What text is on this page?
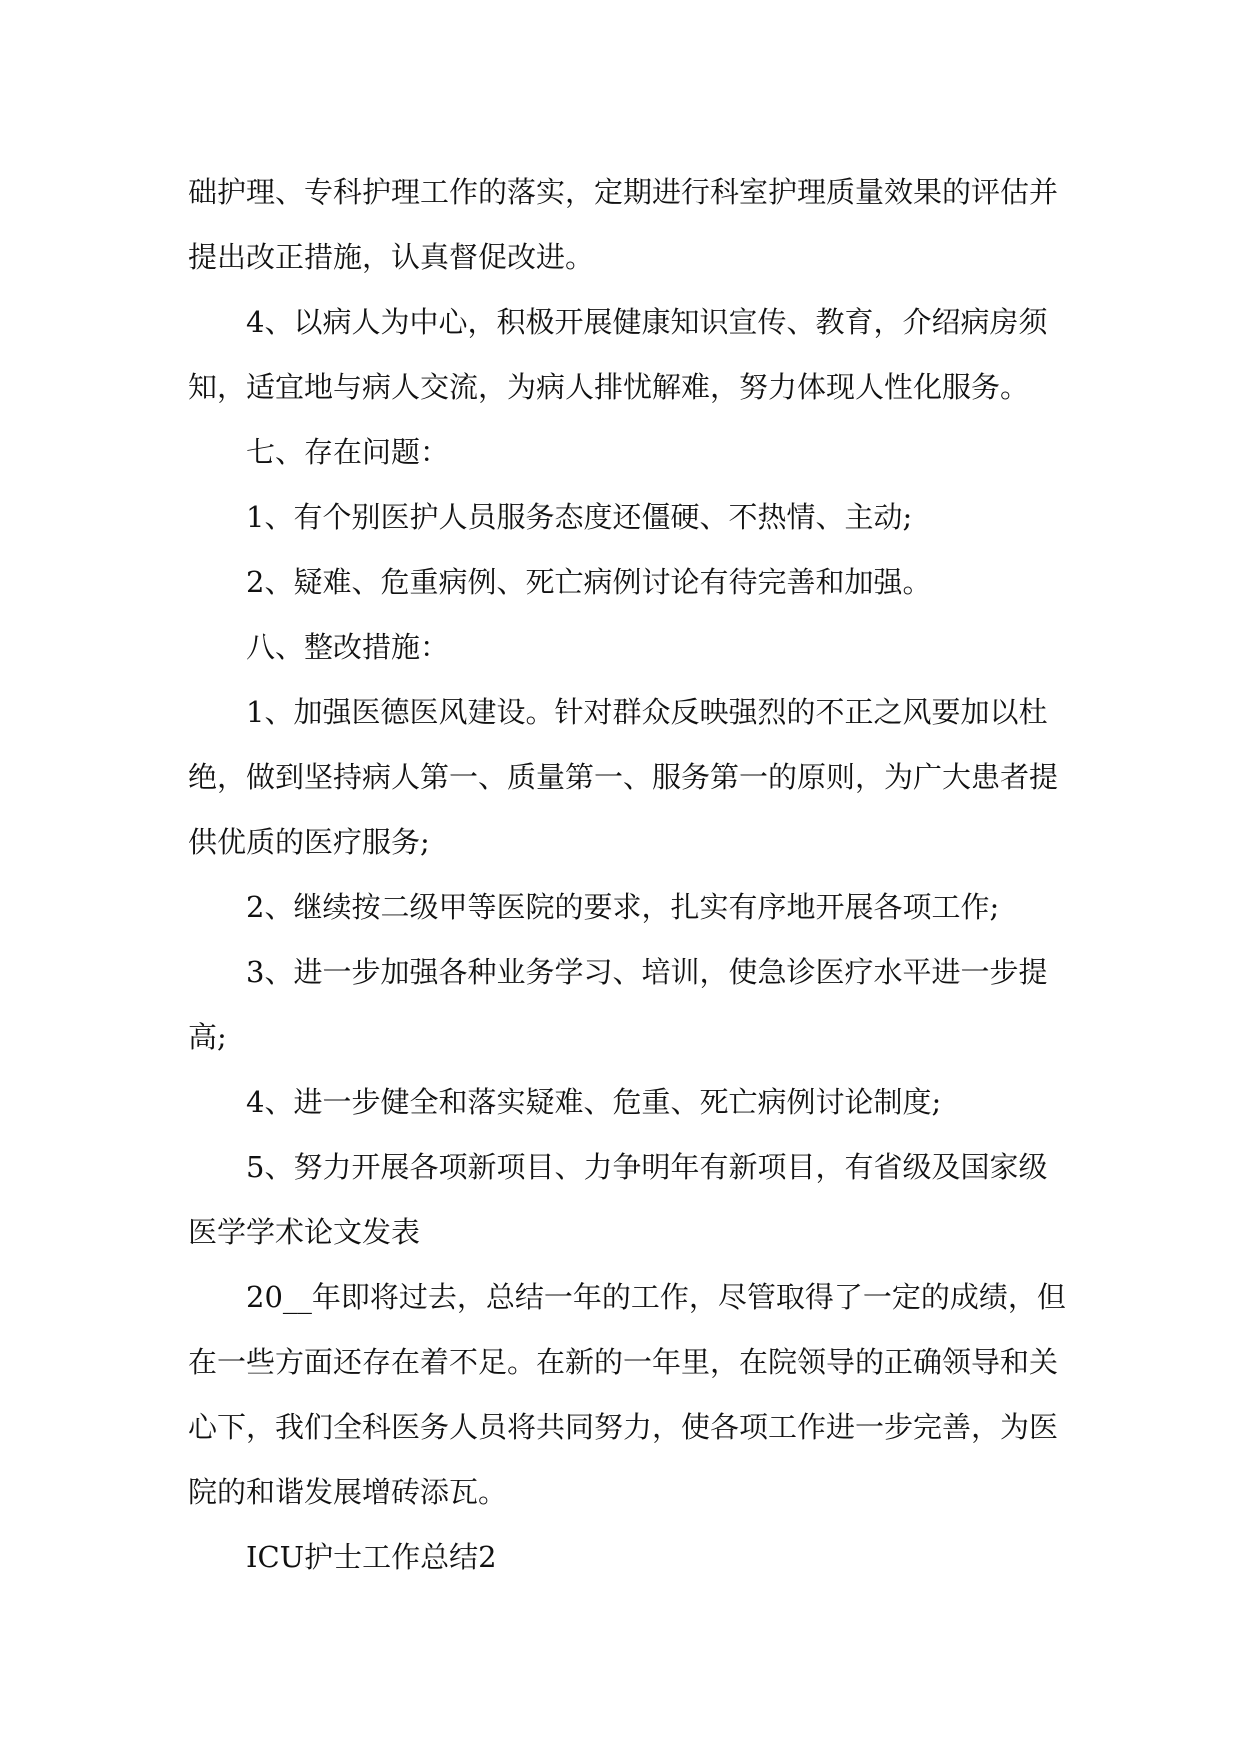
础护理、专科护理工作的落实，定期进行科室护理质量效果的评估并
提出改正措施，认真督促改进。
4、以病人为中心，积极开展健康知识宣传、教育，介绍病房须
知，适宜地与病人交流，为病人排忧解难，努力体现人性化服务。
七、存在问题：
1、有个别医护人员服务态度还僵硬、不热情、主动;
2、疑难、危重病例、死亡病例讨论有待完善和加强。
八、整改措施：
1、加强医德医风建设。针对群众反映强烈的不正之风要加以杜
绝，做到坚持病人第一、质量第一、服务第一的原则，为广大患者提
供优质的医疗服务;
2、继续按二级甲等医院的要求，扎实有序地开展各项工作;
3、进一步加强各种业务学习、培训，使急诊医疗水平进一步提
高;
4、进一步健全和落实疑难、危重、死亡病例讨论制度;
5、努力开展各项新项目、力争明年有新项目，有省级及国家级
医学学术论文发表
20__年即将过去，总结一年的工作，尽管取得了一定的成绩，但
在一些方面还存在着不足。在新的一年里，在院领导的正确领导和关
心下，我们全科医务人员将共同努力，使各项工作进一步完善，为医
院的和谐发展增砖添瓦。
ICU护士工作总结2
